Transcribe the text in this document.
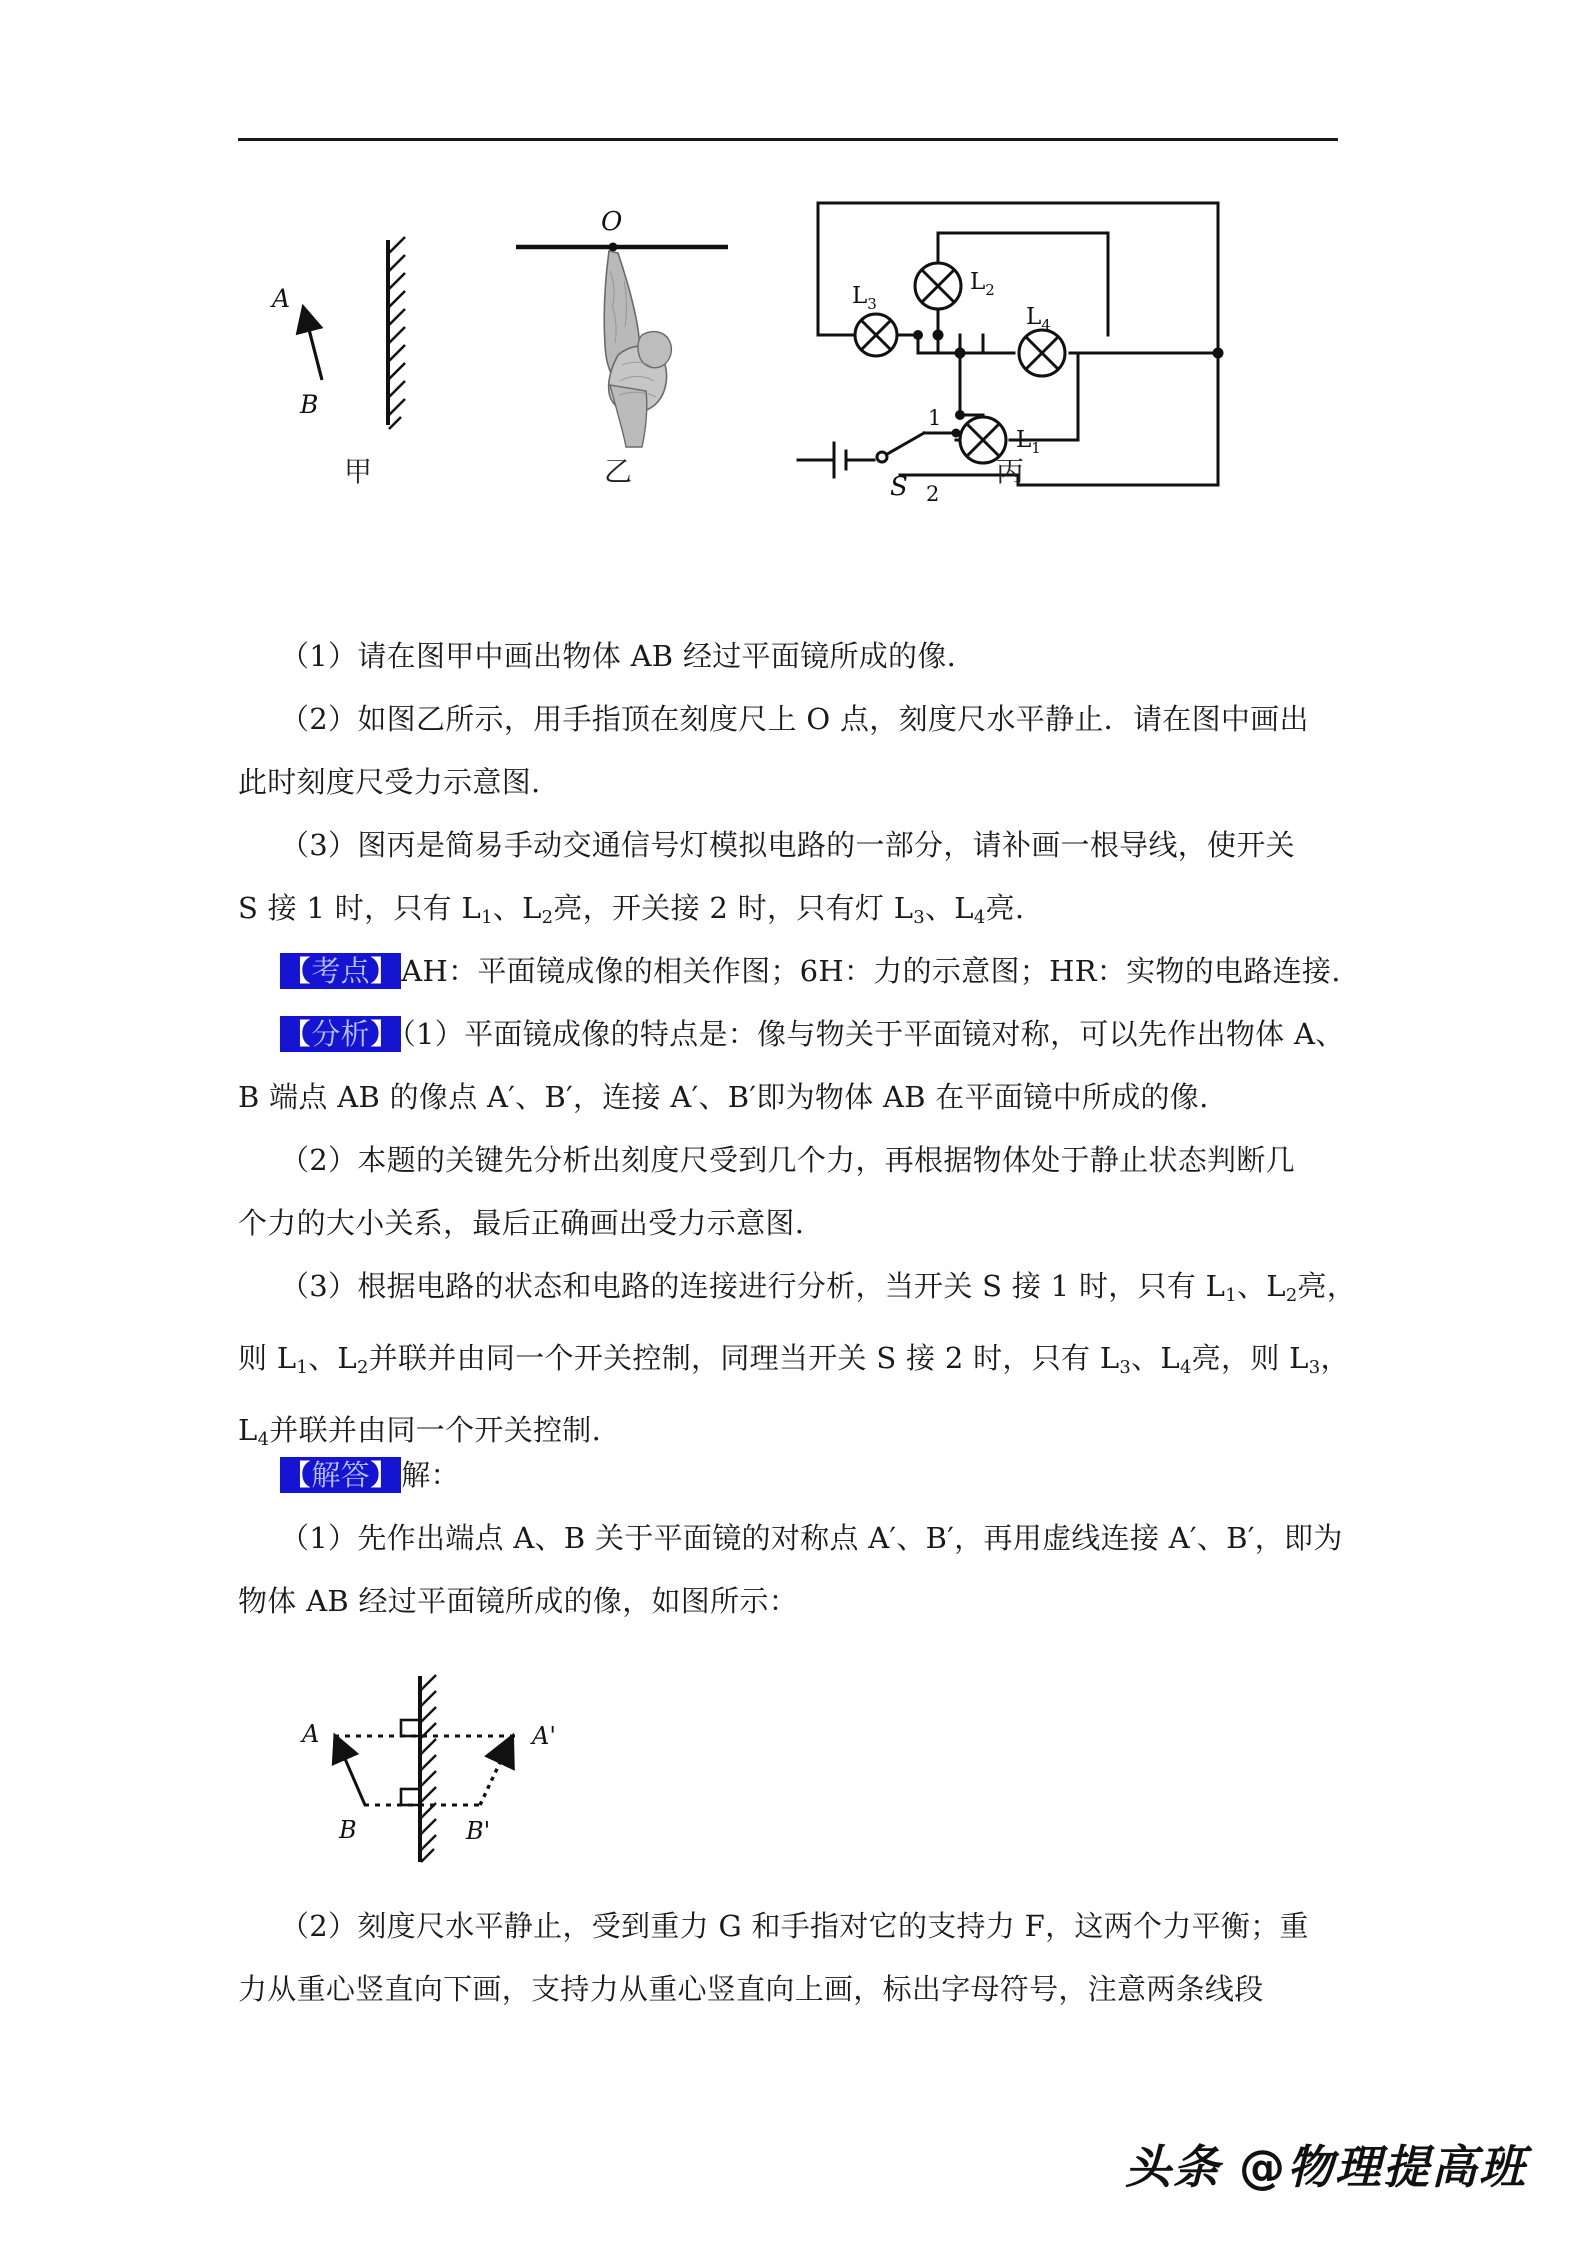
A
B
甲
O
乙
$L_3$
$L_2$
$L_4$
$L_1$
S
1
2
丙

（1）请在图甲中画出物体 AB 经过平面镜所成的像.

（2）如图乙所示，用手指顶在刻度尺上 O 点，刻度尺水平静止．请在图中画出

此时刻度尺受力示意图.

（3）图丙是简易手动交通信号灯模拟电路的一部分，请补画一根导线，使开关

S 接 1 时，只有 $L_1$、$L_2$亮，开关接 2 时，只有灯 $L_3$、$L_4$亮.

【考点】AH：平面镜成像的相关作图；6H：力的示意图；HR：实物的电路连接.

【分析】（1）平面镜成像的特点是：像与物关于平面镜对称，可以先作出物体 A、

B 端点 AB 的像点 A′、B′，连接 A′、B′即为物体 AB 在平面镜中所成的像.

（2）本题的关键先分析出刻度尺受到几个力，再根据物体处于静止状态判断几

个力的大小关系，最后正确画出受力示意图.

（3）根据电路的状态和电路的连接进行分析，当开关 S 接 1 时，只有 $L_1$、$L_2$亮，

则 $L_1$、$L_2$并联并由同一个开关控制，同理当开关 S 接 2 时，只有 $L_3$、$L_4$亮，则 $L_3$，

$L_4$并联并由同一个开关控制.

【解答】解：

（1）先作出端点 A、B 关于平面镜的对称点 A′、B′，再用虚线连接 A′、B′，即为

物体 AB 经过平面镜所成的像，如图所示：

A
B
A'
B'

（2）刻度尺水平静止，受到重力 G 和手指对它的支持力 F，这两个力平衡；重

力从重心竖直向下画，支持力从重心竖直向上画，标出字母符号，注意两条线段

头条 @物理提高班
